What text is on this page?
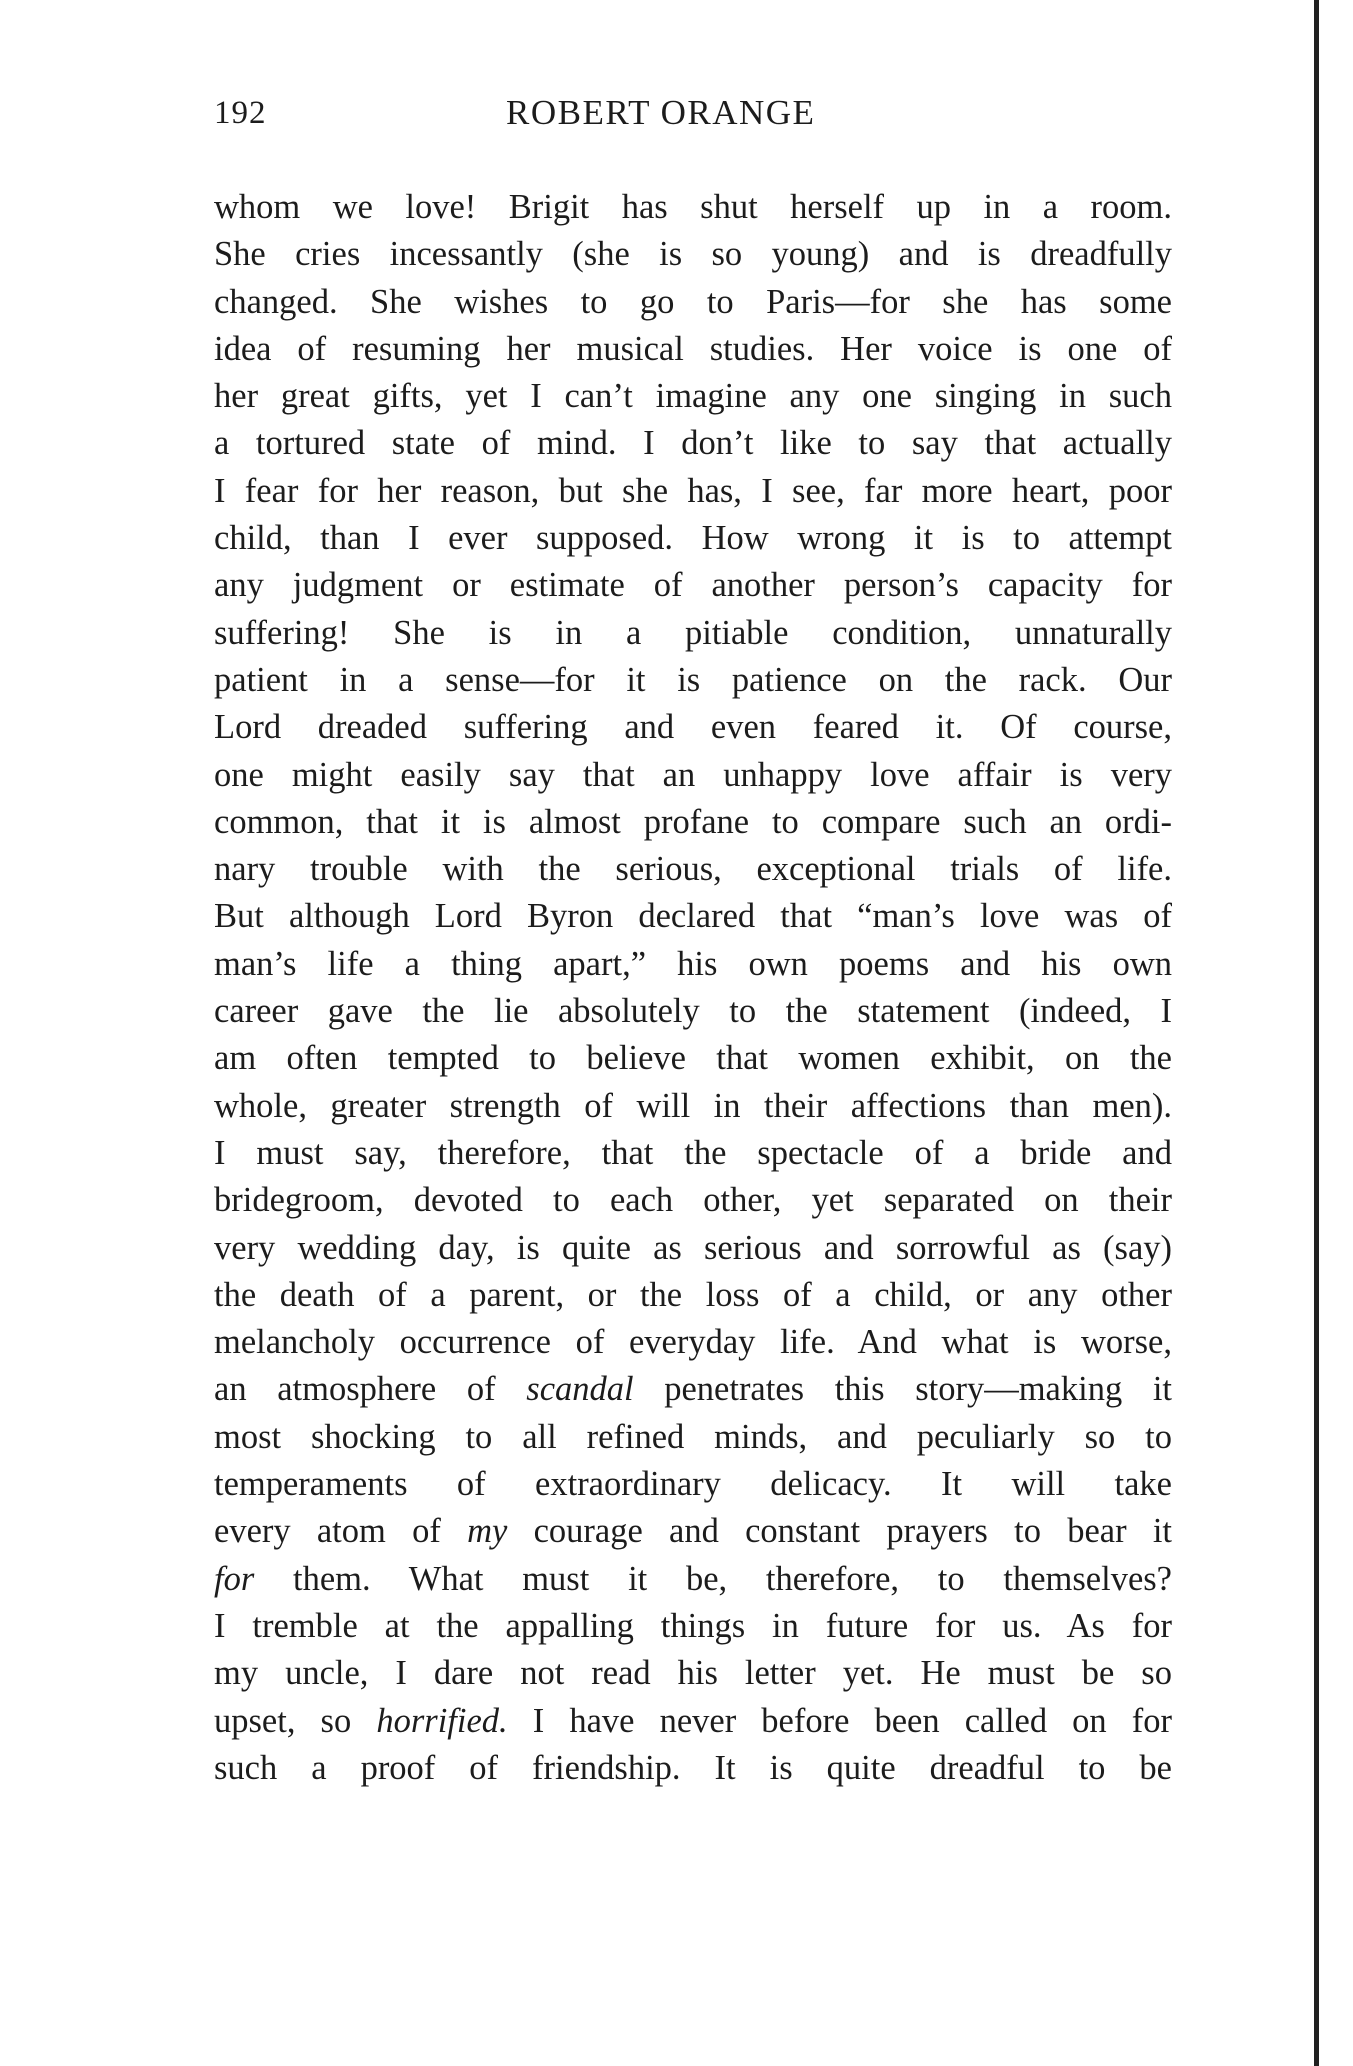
192	ROBERT ORANGE
whom we love! Brigit has shut herself up in a room.
She cries incessantly (she is so young) and is dreadfully
changed. She wishes to go to Paris—for she has some
idea of resuming her musical studies. Her voice is one of
her great gifts, yet I can’t imagine any one singing in such
a tortured state of mind. I don’t like to say that actually
I fear for her reason, but she has, I see, far more heart, poor
child, than I ever supposed. How wrong it is to attempt
any judgment or estimate of another person’s capacity for
suffering! She is in a pitiable condition, unnaturally
patient in a sense—for it is patience on the rack. Our
Lord dreaded suffering and even feared it. Of course,
one might easily say that an unhappy love affair is very
common, that it is almost profane to compare such an ordi-
nary trouble with the serious, exceptional trials of life.
But although Lord Byron declared that “man’s love was of
man’s life a thing apart,” his own poems and his own
career gave the lie absolutely to the statement (indeed, I
am often tempted to believe that women exhibit, on the
whole, greater strength of will in their affections than men).
I must say, therefore, that the spectacle of a bride and
bridegroom, devoted to each other, yet separated on their
very wedding day, is quite as serious and sorrowful as (say)
the death of a parent, or the loss of a child, or any other
melancholy occurrence of everyday life. And what is worse,
an atmosphere of scandal penetrates this story—making it
most shocking to all refined minds, and peculiarly so to
temperaments of extraordinary delicacy. It will take
every atom of my courage and constant prayers to bear it
for them. What must it be, therefore, to themselves?
I tremble at the appalling things in future for us. As for
my uncle, I dare not read his letter yet. He must be so
upset, so horrified. I have never before been called on for
such a proof of friendship. It is quite dreadful to be
